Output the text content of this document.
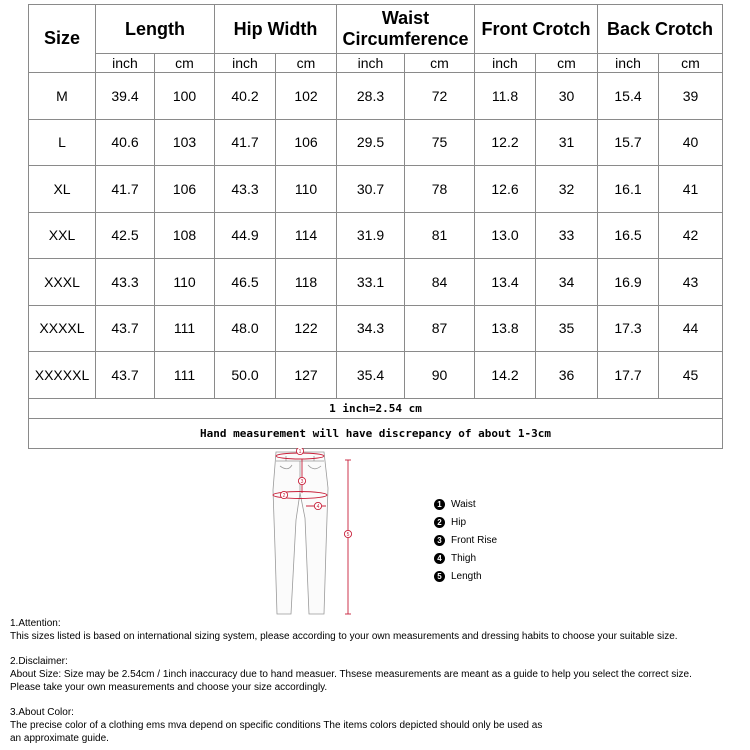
Size	Length		Hip Width		Waist Circumference		Front Crotch		Back Crotch	
	inch	cm	inch	cm	inch	cm	inch	cm	inch	cm
M	39.4	100	40.2	102	28.3	72	11.8	30	15.4	39
L	40.6	103	41.7	106	29.5	75	12.2	31	15.7	40
XL	41.7	106	43.3	110	30.7	78	12.6	32	16.1	41
XXL	42.5	108	44.9	114	31.9	81	13.0	33	16.5	42
XXXL	43.3	110	46.5	118	33.1	84	13.4	34	16.9	43
XXXXL	43.7	111	48.0	122	34.3	87	13.8	35	17.3	44
XXXXXL	43.7	111	50.0	127	35.4	90	14.2	36	17.7	45
1 inch=2.54 cm										
Hand measurement will have discrepancy of about 1-3cm										
1
2
3
4
5
1 Waist
2 Hip
3 Front Rise
4 Thigh
5 Length

1.Attention:

This sizes listed is based on international sizing system, please according to your own measurements and dressing habits to choose your suitable size.

2.Disclaimer:

About Size: Size may be 2.54cm / 1inch inaccuracy due to hand measuer. Thsese measurements are meant as a guide to help you select the correct size.

Please take your own measurements and choose your size accordingly.

3.About Color:

The precise color of a clothing ems mva depend on specific conditions The items colors depicted should only be used as

an approximate guide.
